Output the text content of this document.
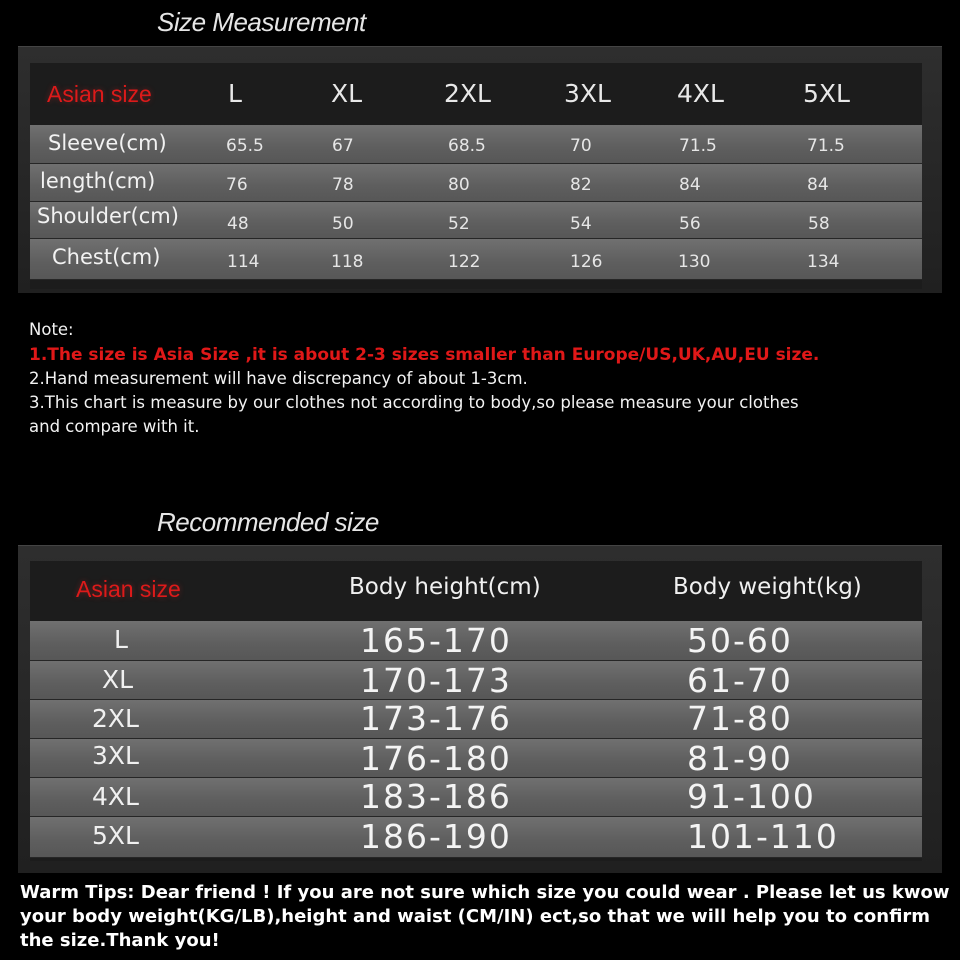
Size Measurement
Asian size	L	XL	2XL	3XL	4XL	5XL
Sleeve(cm)	65.5	67	68.5	70	71.5	71.5
length(cm)	76	78	80	82	84	84
Shoulder(cm)	48	50	52	54	56	58
Chest(cm)	114	118	122	126	130	134
Note:
1.The size is Asia Size ,it is about 2-3 sizes smaller than Europe/US,UK,AU,EU size.
2.Hand measurement will have discrepancy of about 1-3cm.
3.This chart is measure by our clothes not according to body,so please measure your clothes
and compare with it.
Recommended size
Asian size	Body height(cm)	Body weight(kg)
L	165-170	50-60
XL	170-173	61-70
2XL	173-176	71-80
3XL	176-180	81-90
4XL	183-186	91-100
5XL	186-190	101-110
Warm Tips: Dear friend ! If you are not sure which size you could wear . Please let us kwow
your body weight(KG/LB),height and waist (CM/IN) ect,so that we will help you to confirm
the size.Thank you!
